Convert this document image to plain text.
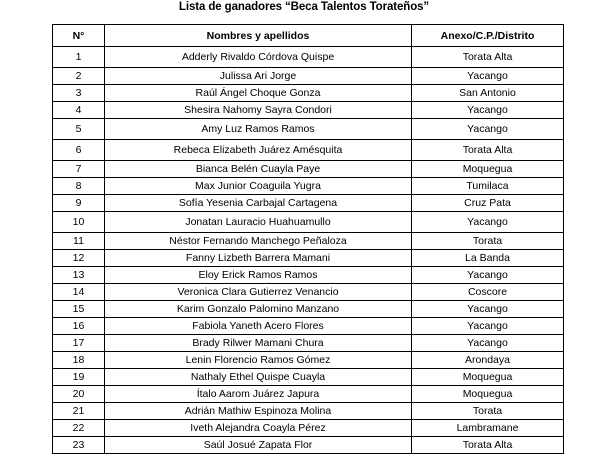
Lista de ganadores “Beca Talentos Torateños”
N°	Nombres y apellidos	Anexo/C.P./Distrito
1	Adderly Rivaldo Córdova Quispe	Torata Alta
2	Julissa Ari Jorge	Yacango
3	Raúl Ángel Choque Gonza	San Antonio
4	Shesira Nahomy Sayra Condori	Yacango
5	Amy Luz Ramos Ramos	Yacango
6	Rebeca Elizabeth Juárez Amésquita	Torata Alta
7	Bianca Belén Cuayla Paye	Moquegua
8	Max Junior Coaguila Yugra	Tumilaca
9	Sofía Yesenia Carbajal Cartagena	Cruz Pata
10	Jonatan Lauracio Huahuamullo	Yacango
11	Néstor Fernando Manchego Peñaloza	Torata
12	Fanny Lizbeth Barrera Mamani	La Banda
13	Eloy Erick Ramos Ramos	Yacango
14	Veronica Clara Gutierrez Venancio	Coscore
15	Karim Gonzalo Palomino Manzano	Yacango
16	Fabiola Yaneth Acero Flores	Yacango
17	Brady Rilwer Mamani Chura	Yacango
18	Lenin Florencio Ramos Gómez	Arondaya
19	Nathaly Ethel Quispe Cuayla	Moquegua
20	Ítalo Aarom Juárez Japura	Moquegua
21	Adrián Mathiw Espinoza Molina	Torata
22	Iveth Alejandra Coayla Pérez	Lambramane
23	Saúl Josué Zapata Flor	Torata Alta
